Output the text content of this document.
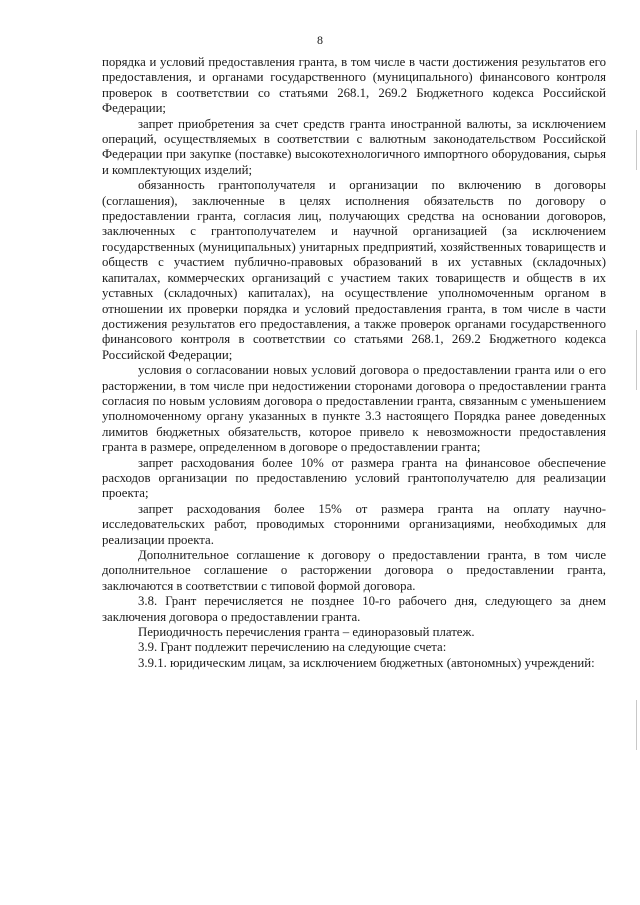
8

порядка и условий предоставления гранта, в том числе в части достижения результатов его предоставления, и органами государственного (муниципального) финансового контроля проверок в соответствии со статьями 268.1, 269.2 Бюджетного кодекса Российской Федерации;

запрет приобретения за счет средств гранта иностранной валюты, за исключением операций, осуществляемых в соответствии с валютным законодательством Российской Федерации при закупке (поставке) высокотехнологичного импортного оборудования, сырья и комплектующих изделий;

обязанность грантополучателя и организации по включению в договоры (соглашения), заключенные в целях исполнения обязательств по договору о предоставлении гранта, согласия лиц, получающих средства на основании договоров, заключенных с грантополучателем и научной организацией (за исключением государственных (муниципальных) унитарных предприятий, хозяйственных товариществ и обществ с участием публично-правовых образований в их уставных (складочных) капиталах, коммерческих организаций с участием таких товариществ и обществ в их уставных (складочных) капиталах), на осуществление уполномоченным органом в отношении их проверки порядка и условий предоставления гранта, в том числе в части достижения результатов его предоставления, а также проверок органами государственного финансового контроля в соответствии со статьями 268.1, 269.2 Бюджетного кодекса Российской Федерации;

условия о согласовании новых условий договора о предоставлении гранта или о его расторжении, в том числе при недостижении сторонами договора о предоставлении гранта согласия по новым условиям договора о предоставлении гранта, связанным с уменьшением уполномоченному органу указанных в пункте 3.3 настоящего Порядка ранее доведенных лимитов бюджетных обязательств, которое привело к невозможности предоставления гранта в размере, определенном в договоре о предоставлении гранта;

запрет расходования более 10% от размера гранта на финансовое обеспечение расходов организации по предоставлению условий грантополучателю для реализации проекта;

запрет расходования более 15% от размера гранта на оплату научно-исследовательских работ, проводимых сторонними организациями, необходимых для реализации проекта.

Дополнительное соглашение к договору о предоставлении гранта, в том числе дополнительное соглашение о расторжении договора о предоставлении гранта, заключаются в соответствии с типовой формой договора.

3.8. Грант перечисляется не позднее 10-го рабочего дня, следующего за днем заключения договора о предоставлении гранта.

Периодичность перечисления гранта – единоразовый платеж.

3.9. Грант подлежит перечислению на следующие счета:

3.9.1. юридическим лицам, за исключением бюджетных (автономных) учреждений:
